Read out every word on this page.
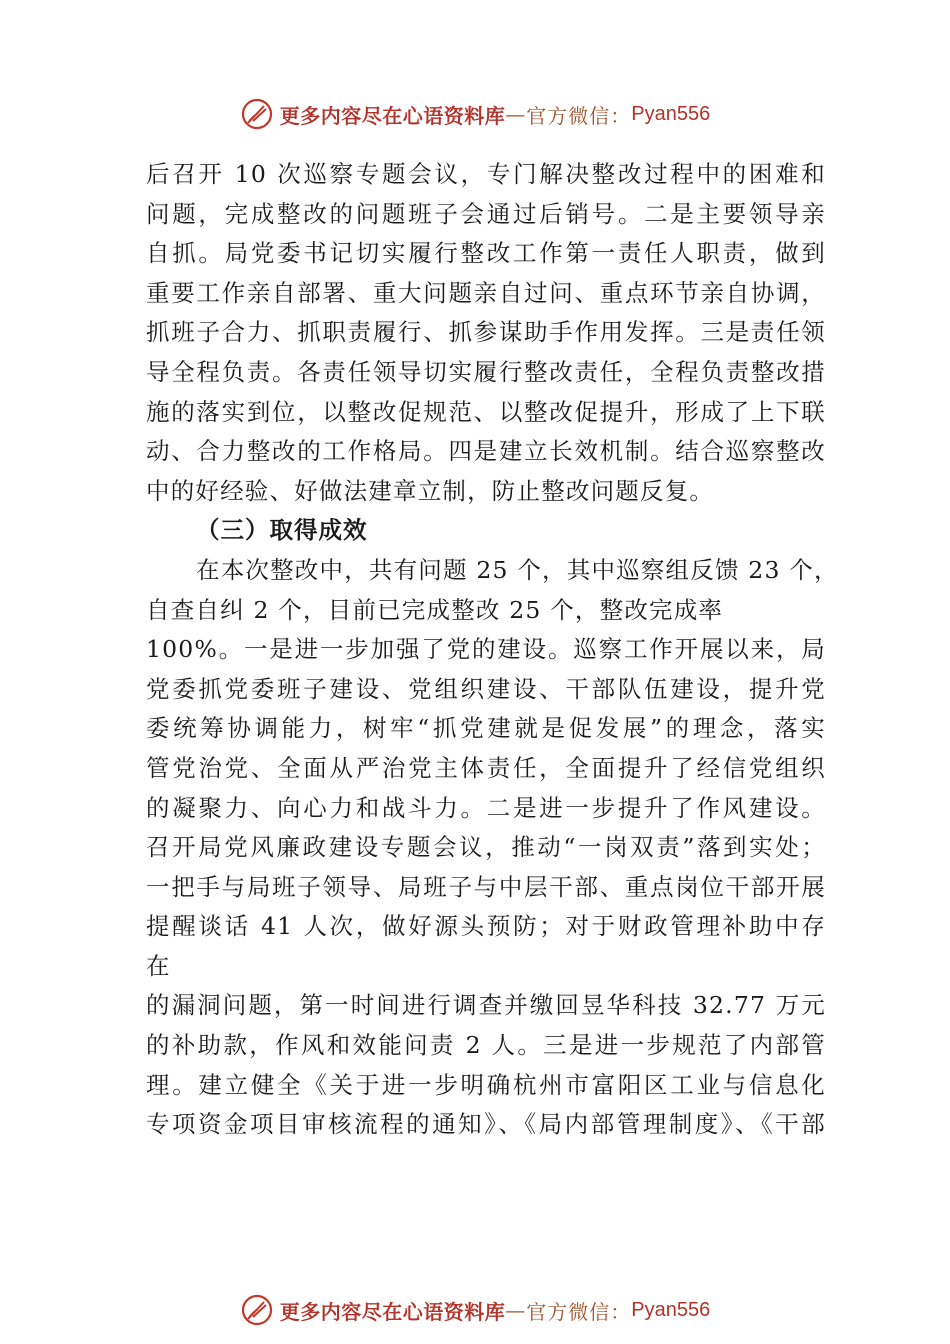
更多内容尽在心语资料库 — 官方微信： Pyan556
后召开 10 次巡察专题会议，专门解决整改过程中的困难和
问题，完成整改的问题班子会通过后销号。二是主要领导亲
自抓。局党委书记切实履行整改工作第一责任人职责，做到
重要工作亲自部署、重大问题亲自过问、重点环节亲自协调，
抓班子合力、抓职责履行、抓参谋助手作用发挥。三是责任领
导全程负责。各责任领导切实履行整改责任，全程负责整改措
施的落实到位，以整改促规范、以整改促提升，形成了上下联
动、合力整改的工作格局。四是建立长效机制。结合巡察整改
中的好经验、好做法建章立制，防止整改问题反复。
（三）取得成效
在本次整改中，共有问题 25 个，其中巡察组反馈 23 个，
自查自纠 2 个，目前已完成整改 25 个，整改完成率
100%。一是进一步加强了党的建设。巡察工作开展以来，局
党委抓党委班子建设、党组织建设、干部队伍建设，提升党
委统筹协调能力，树牢“抓党建就是促发展”的理念，落实
管党治党、全面从严治党主体责任，全面提升了经信党组织
的凝聚力、向心力和战斗力。二是进一步提升了作风建设。
召开局党风廉政建设专题会议，推动“一岗双责”落到实处；
一把手与局班子领导、局班子与中层干部、重点岗位干部开展
提醒谈话 41 人次，做好源头预防；对于财政管理补助中存
在
的漏洞问题，第一时间进行调查并缴回昱华科技 32.77 万元
的补助款，作风和效能问责 2 人。三是进一步规范了内部管
理。建立健全《关于进一步明确杭州市富阳区工业与信息化
专项资金项目审核流程的通知》、《局内部管理制度》、《干部
更多内容尽在心语资料库 — 官方微信： Pyan556
